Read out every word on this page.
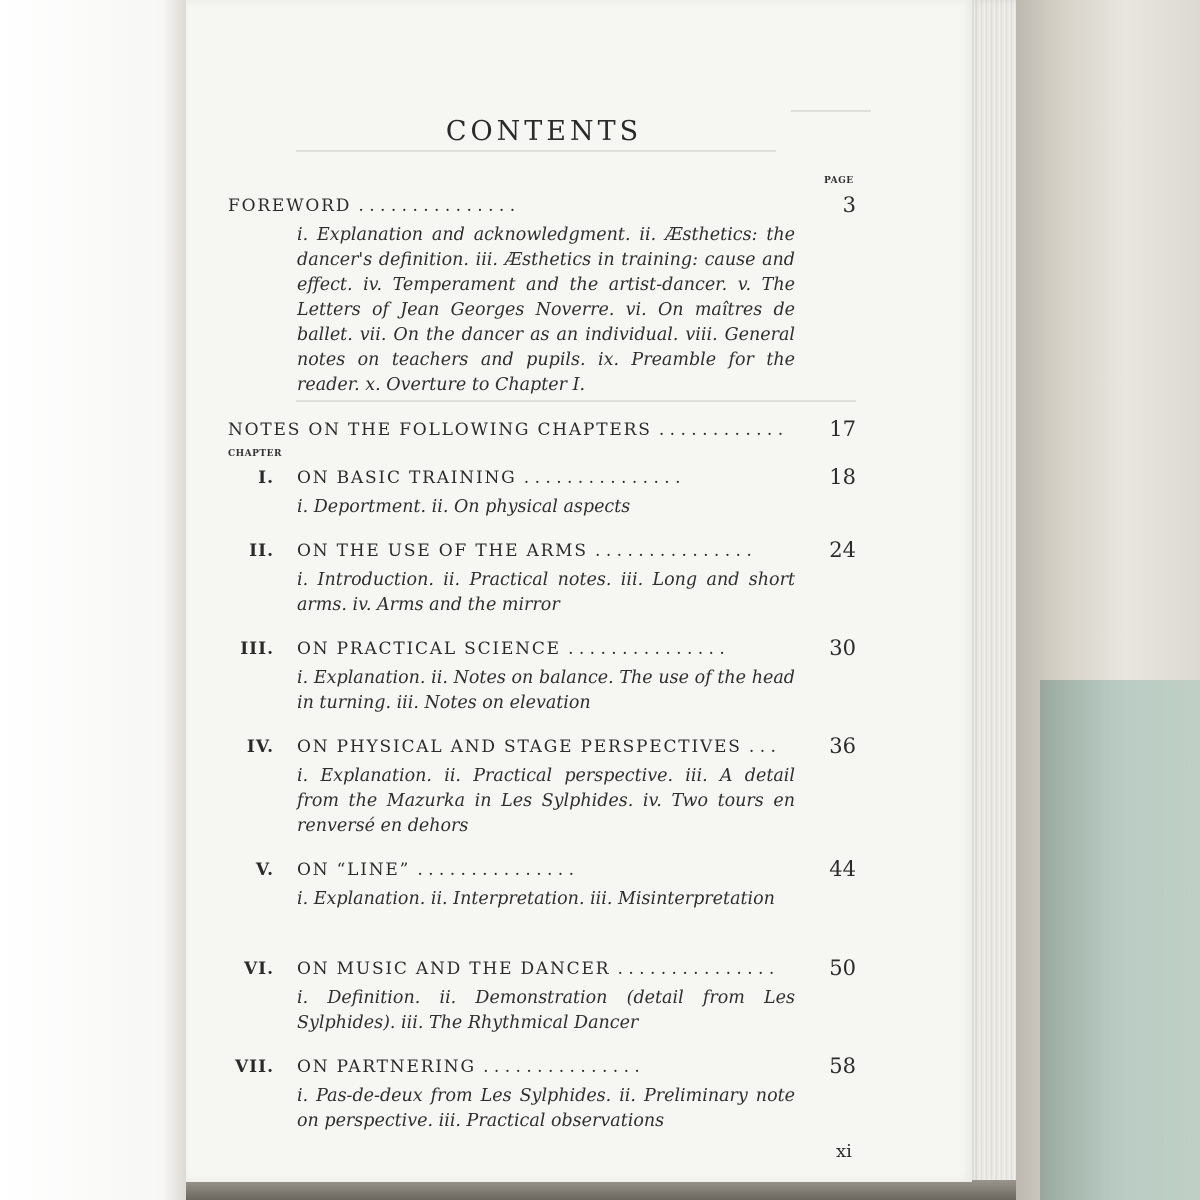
CONTENTS
PAGE
FOREWORD . . . . . . . . . . . . . . .	3
i. Explanation and acknowledgment. ii. Æsthetics: the dancer's definition. iii. Æsthetics in training: cause and effect. iv. Temperament and the artist-dancer. v. The Letters of Jean Georges Noverre. vi. On maîtres de ballet. vii. On the dancer as an individual. viii. General notes on teachers and pupils. ix. Preamble for the reader. x. Overture to Chapter I.
NOTES ON THE FOLLOWING CHAPTERS . . . . . . . . . . . .	17
CHAPTER
I. ON BASIC TRAINING . . . . . . . . . . . . . . .	18
i. Deportment. ii. On physical aspects
II. ON THE USE OF THE ARMS . . . . . . . . . . . . . . .	24
i. Introduction. ii. Practical notes. iii. Long and short arms. iv. Arms and the mirror
III. ON PRACTICAL SCIENCE . . . . . . . . . . . . . . .	30
i. Explanation. ii. Notes on balance. The use of the head in turning. iii. Notes on elevation
IV. ON PHYSICAL AND STAGE PERSPECTIVES . . .	36
i. Explanation. ii. Practical perspective. iii. A detail from the Mazurka in Les Sylphides. iv. Two tours en renversé en dehors
V. ON “LINE” . . . . . . . . . . . . . . .	44
i. Explanation. ii. Interpretation. iii. Misinterpretation
VI. ON MUSIC AND THE DANCER . . . . . . . . . . . . . . .	50
i. Definition. ii. Demonstration (detail from Les Sylphides). iii. The Rhythmical Dancer
VII. ON PARTNERING . . . . . . . . . . . . . . .	58
i. Pas-de-deux from Les Sylphides. ii. Preliminary note on perspective. iii. Practical observations
xi
